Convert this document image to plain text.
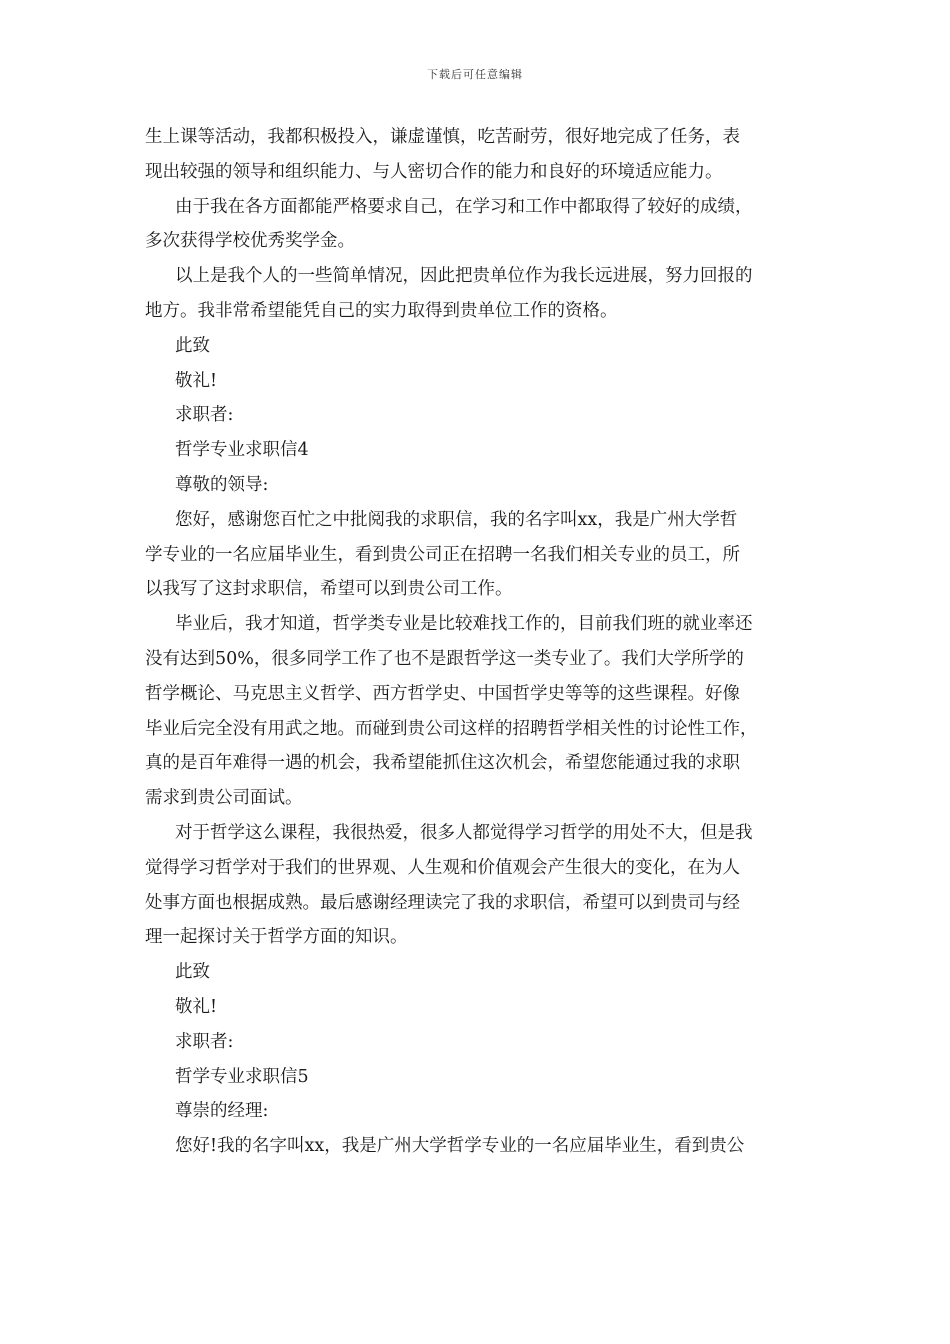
下载后可任意编辑
生上课等活动，我都积极投入，谦虚谨慎，吃苦耐劳，很好地完成了任务，表
现出较强的领导和组织能力、与人密切合作的能力和良好的环境适应能力。
由于我在各方面都能严格要求自己，在学习和工作中都取得了较好的成绩，
多次获得学校优秀奖学金。
以上是我个人的一些简单情况，因此把贵单位作为我长远进展，努力回报的
地方。我非常希望能凭自己的实力取得到贵单位工作的资格。
此致
敬礼!
求职者:
哲学专业求职信4
尊敬的领导:
您好，感谢您百忙之中批阅我的求职信，我的名字叫xx，我是广州大学哲
学专业的一名应届毕业生，看到贵公司正在招聘一名我们相关专业的员工，所
以我写了这封求职信，希望可以到贵公司工作。
毕业后，我才知道，哲学类专业是比较难找工作的，目前我们班的就业率还
没有达到50%，很多同学工作了也不是跟哲学这一类专业了。我们大学所学的
哲学概论、马克思主义哲学、西方哲学史、中国哲学史等等的这些课程。好像
毕业后完全没有用武之地。而碰到贵公司这样的招聘哲学相关性的讨论性工作，
真的是百年难得一遇的机会，我希望能抓住这次机会，希望您能通过我的求职
需求到贵公司面试。
对于哲学这么课程，我很热爱，很多人都觉得学习哲学的用处不大，但是我
觉得学习哲学对于我们的世界观、人生观和价值观会产生很大的变化，在为人
处事方面也根据成熟。最后感谢经理读完了我的求职信，希望可以到贵司与经
理一起探讨关于哲学方面的知识。
此致
敬礼!
求职者:
哲学专业求职信5
尊崇的经理:
您好!我的名字叫xx，我是广州大学哲学专业的一名应届毕业生，看到贵公
